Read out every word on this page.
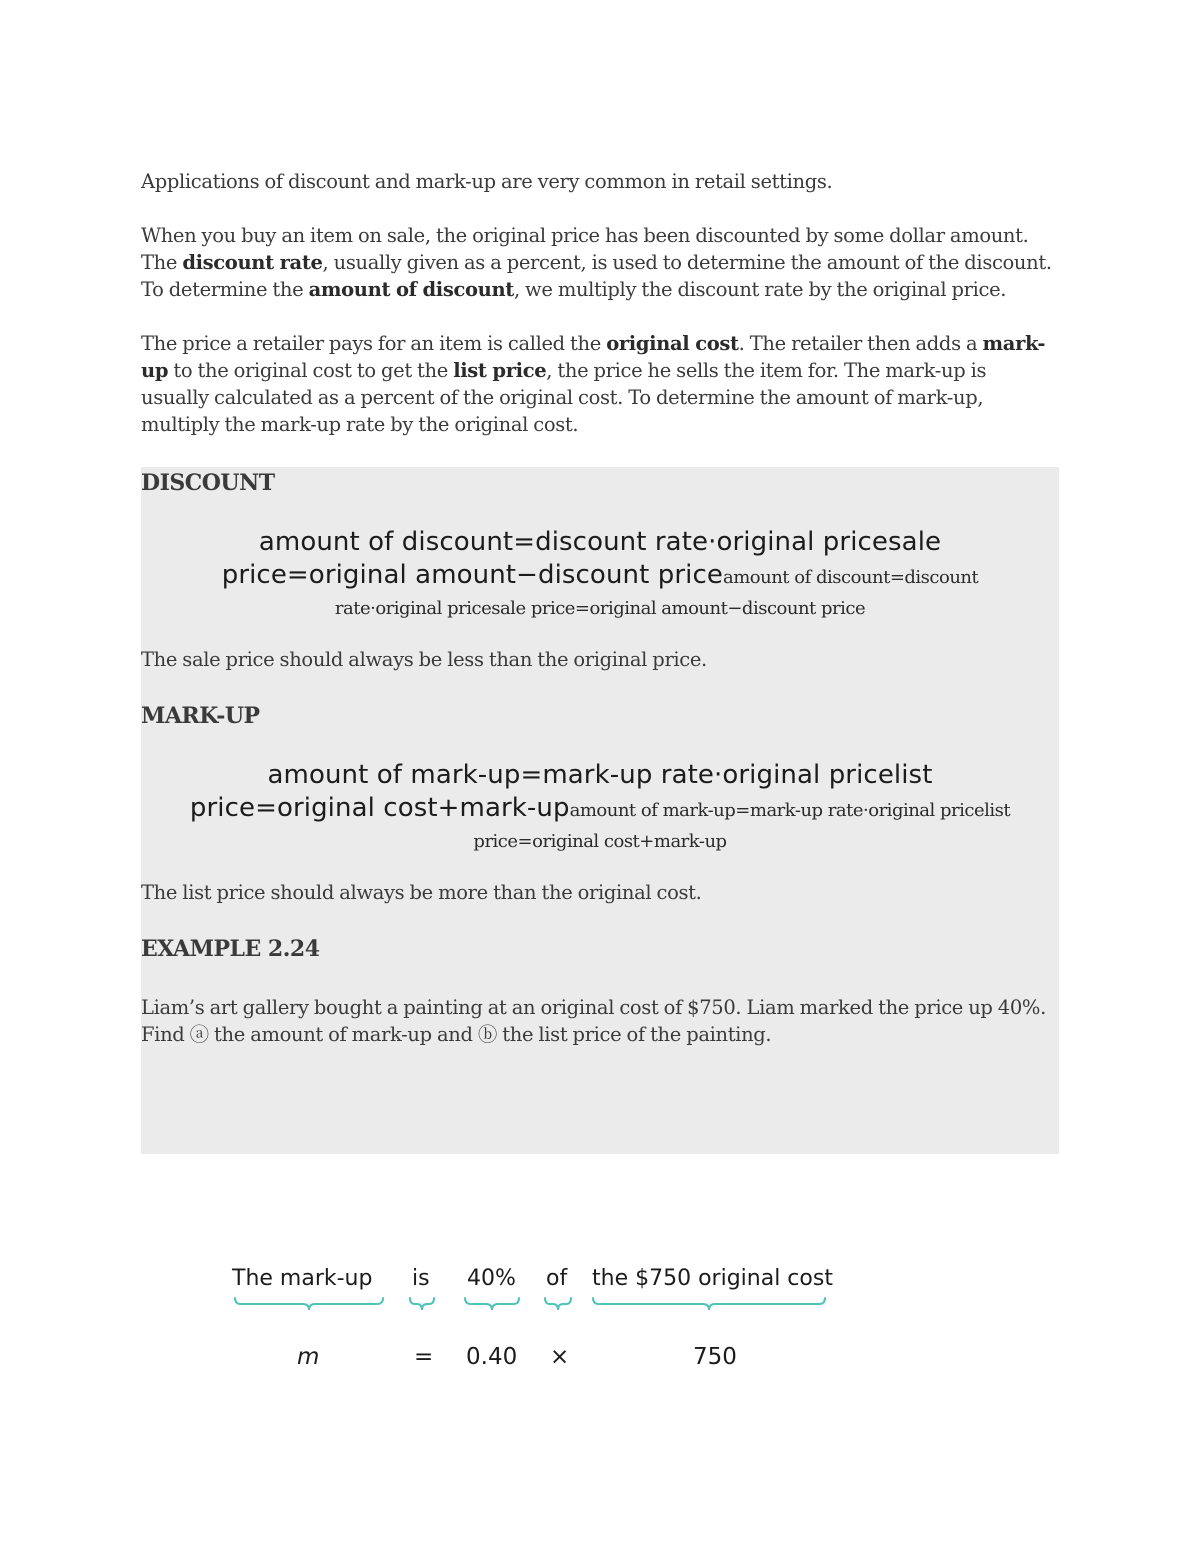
Applications of discount and mark-up are very common in retail settings.

When you buy an item on sale, the original price has been discounted by some dollar amount. The discount rate, usually given as a percent, is used to determine the amount of the discount. To determine the amount of discount, we multiply the discount rate by the original price.

The price a retailer pays for an item is called the original cost. The retailer then adds a mark-up to the original cost to get the list price, the price he sells the item for. The mark-up is usually calculated as a percent of the original cost. To determine the amount of mark-up, multiply the mark-up rate by the original cost.

DISCOUNT
amount of discount=discount rate·original pricesale
price=original amount−discount priceamount of discount=discount
rate·original pricesale price=original amount−discount price
The sale price should always be less than the original price.
MARK-UP
amount of mark-up=mark-up rate·original pricelist
price=original cost+mark-upamount of mark-up=mark-up rate·original pricelist
price=original cost+mark-up
The list price should always be more than the original cost.
EXAMPLE 2.24
Liam’s art gallery bought a painting at an original cost of $750. Liam marked the price up 40%.
Find ⓐ the amount of mark-up and ⓑ the list price of the painting.
The mark-up is 40% of the $750 original cost
m	= 0.40 ×	750
